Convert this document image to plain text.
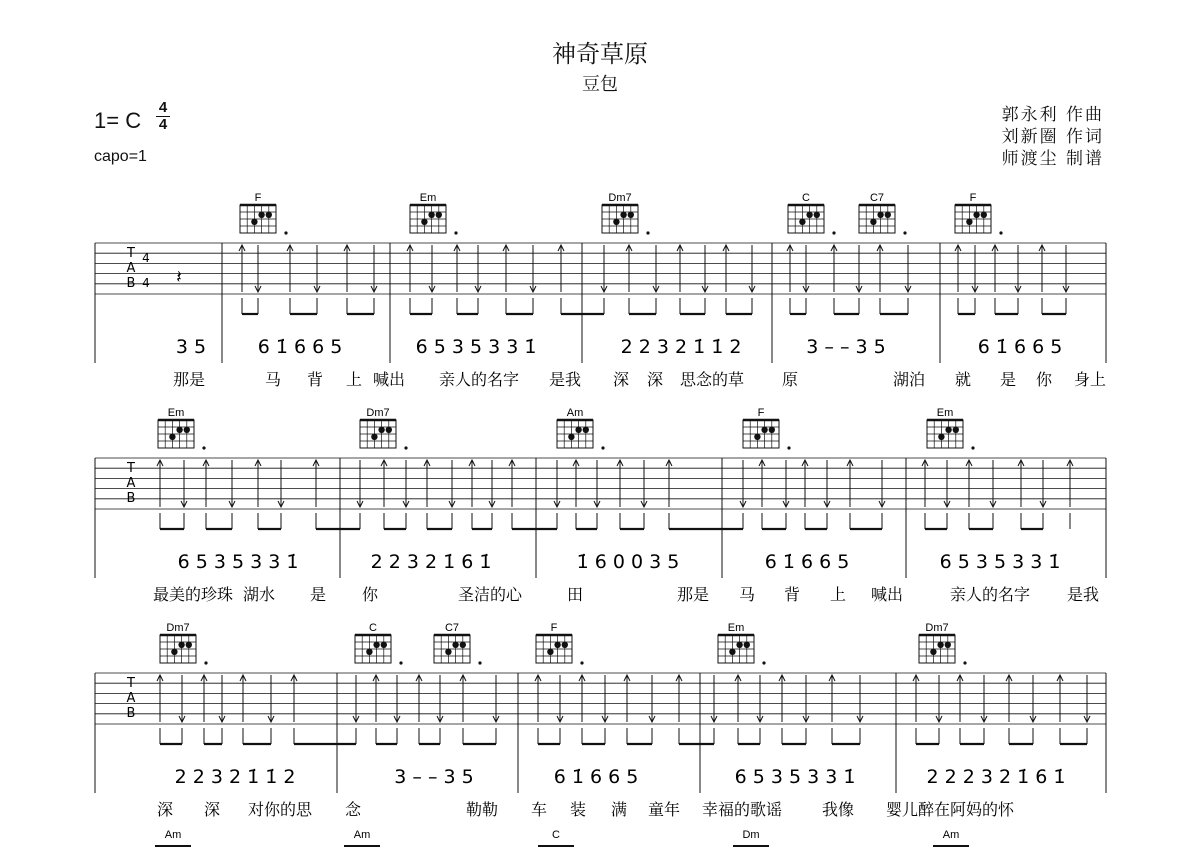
神奇草原
豆包
1= C
4
4
capo=1
郭永利 作曲
刘新圈 作词
师渡尘 制谱
T
A
B
4
4 𝄽
F	Em	Dm7	C	C7	F
3 5	6 1̇ 6 6 5	6 5 3 5 3 3 1̇	2 2 3 2 1̇ 1̇ 2	3 – – 3 5	6 1̇ 6 6 5
那是	马 背 上 喊出 亲人的名字 是我 深 深 思念的草 原	湖泊 就 是 你 身上
T
A
B
Em	Dm7	Am	F	Em
6 5 3 5 3 3 1̇	2 2 3 2 1̇ 6 1̇	1̇ 6 0 0 3 5	6 1̇ 6 6 5	6 5 3 5 3 3 1̇
最美的珍珠 湖水 是 你	圣洁的心	田	那是 马 背 上 喊出	亲人的名字 是我
T
A
B
Dm7	C	C7	F	Em	Dm7
2 2 3 2 1̇ 1̇ 2	3 – – 3 5	6 1̇ 6 6 5	6 5 3 5 3 3 1̇	2 2 2 3 2 1̇ 6 1̇
深 深 对你的思 念	勒勒 车 装 满 童年 幸福的歌谣 我像 婴儿醉在阿妈的怀
Am	Am	C	Dm	Am
